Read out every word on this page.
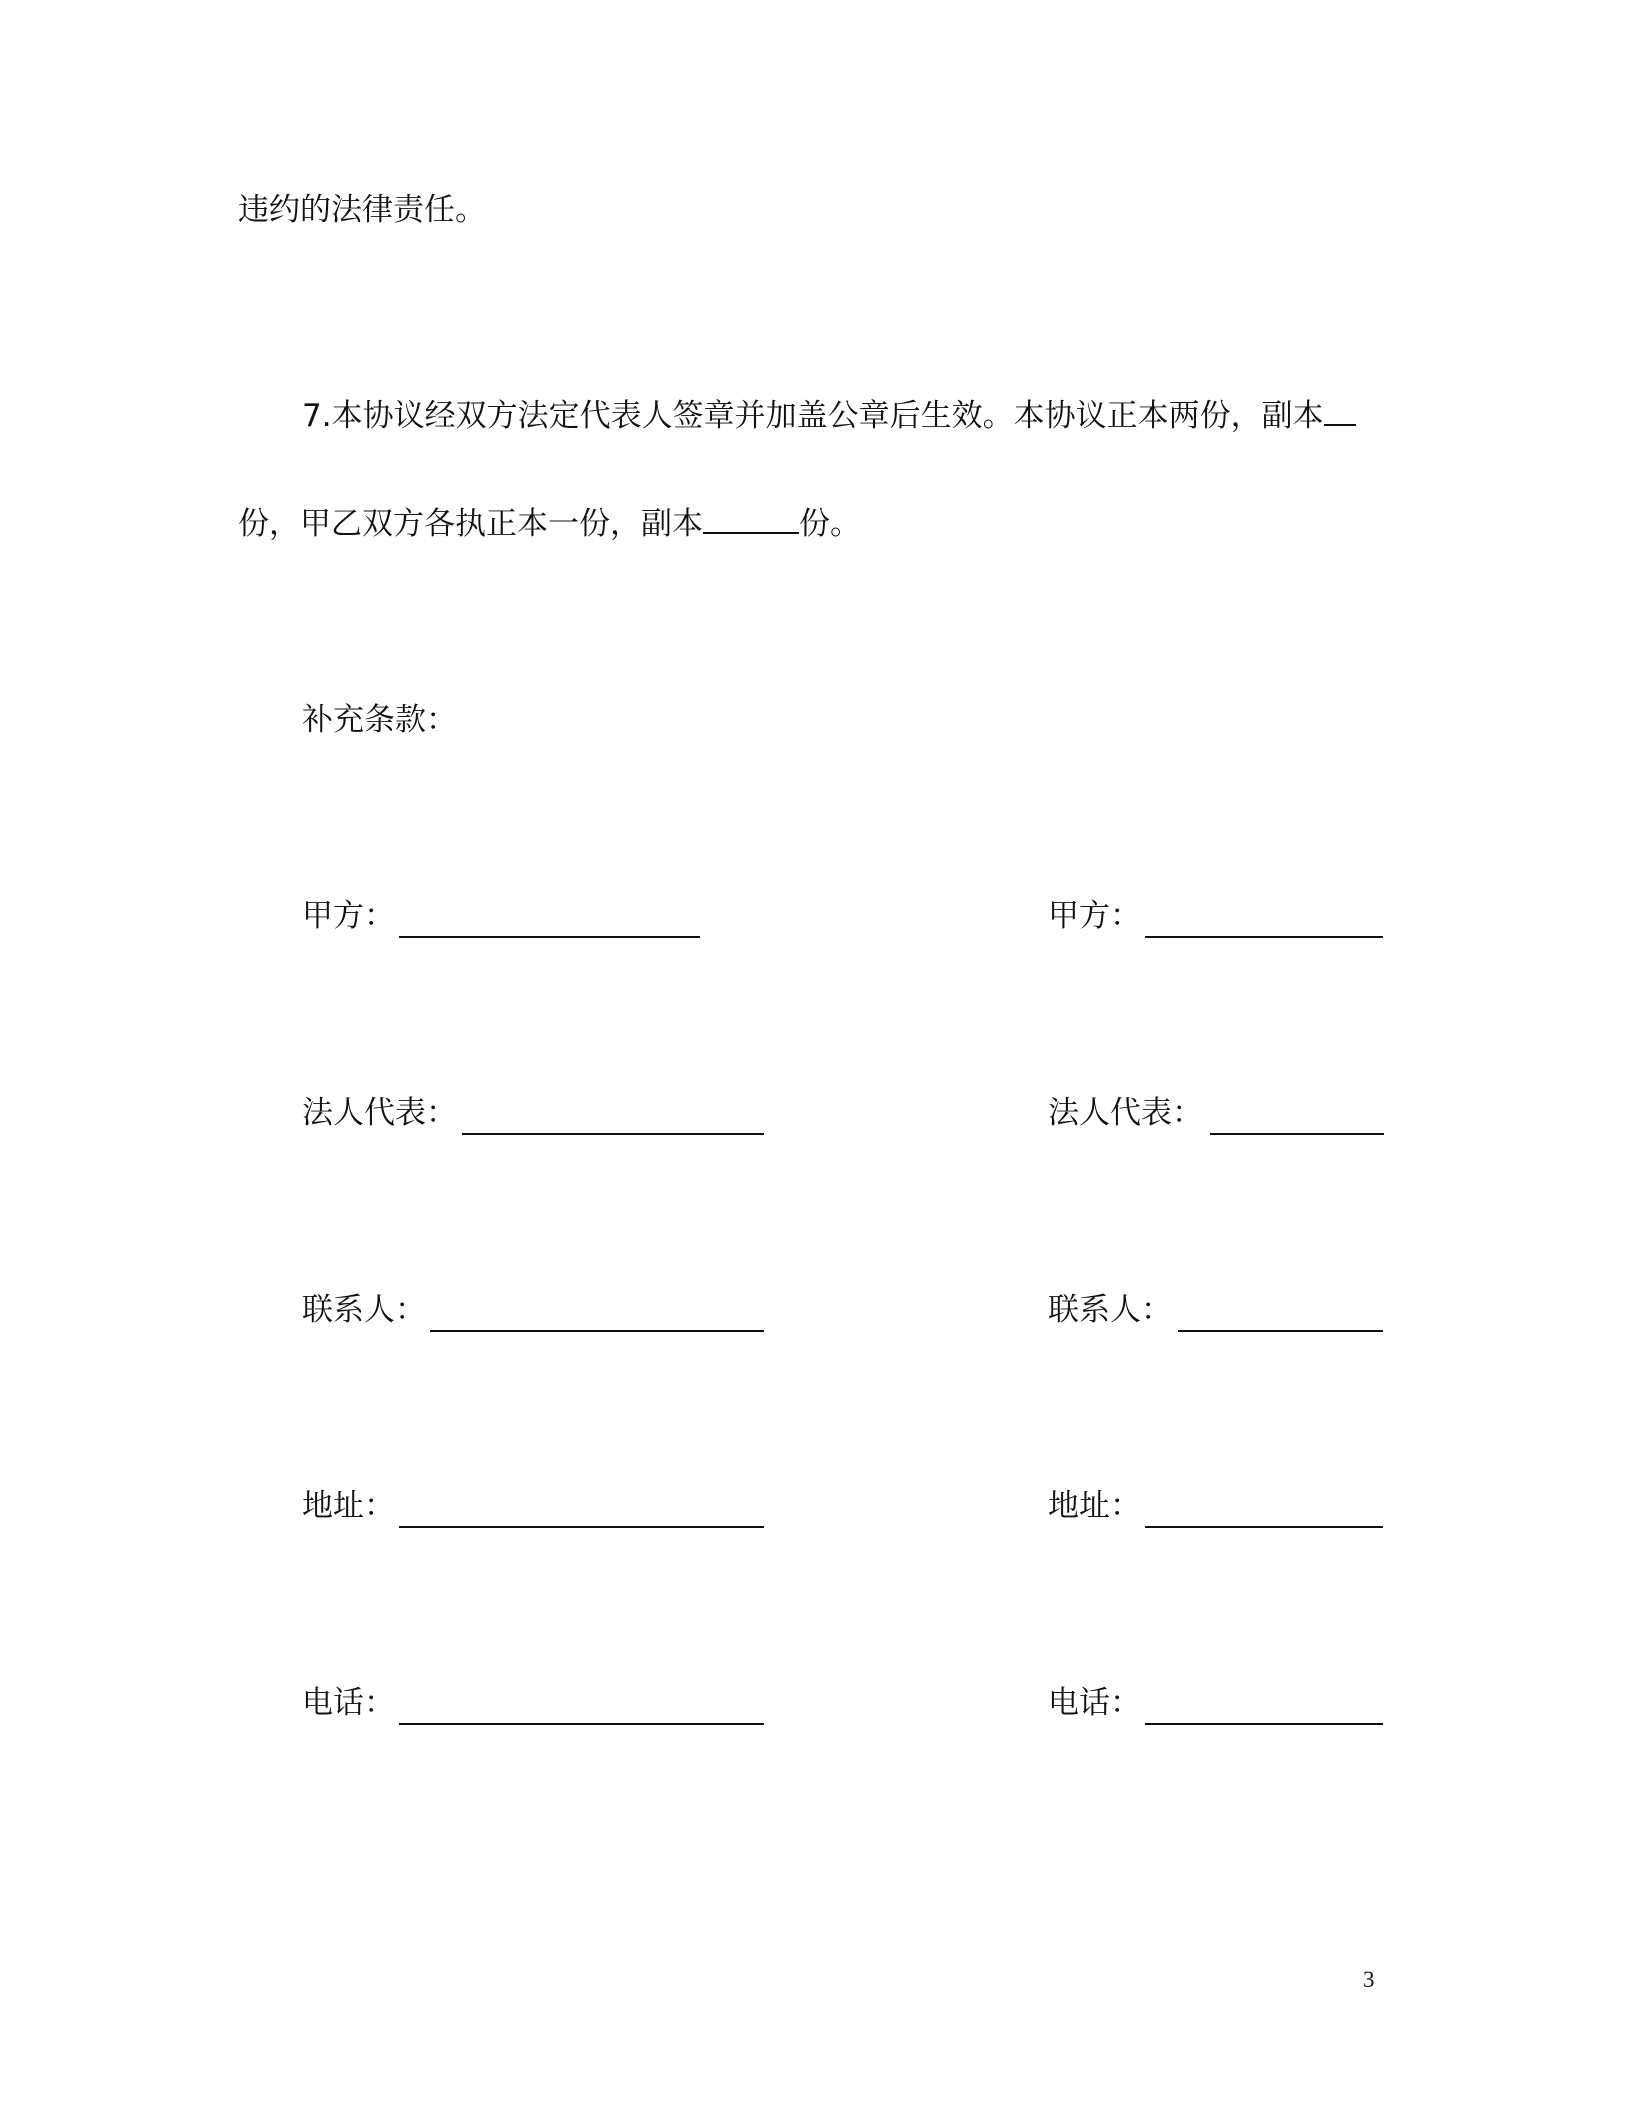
违约的法律责任。
7.本协议经双方法定代表人签章并加盖公章后生效。本协议正本两份，副本
份，甲乙双方各执正本一份，副本	份。
补充条款：
甲方：
法人代表：
联系人：
地址：
电话：
甲方：
法人代表：
联系人：
地址：
电话：
3
